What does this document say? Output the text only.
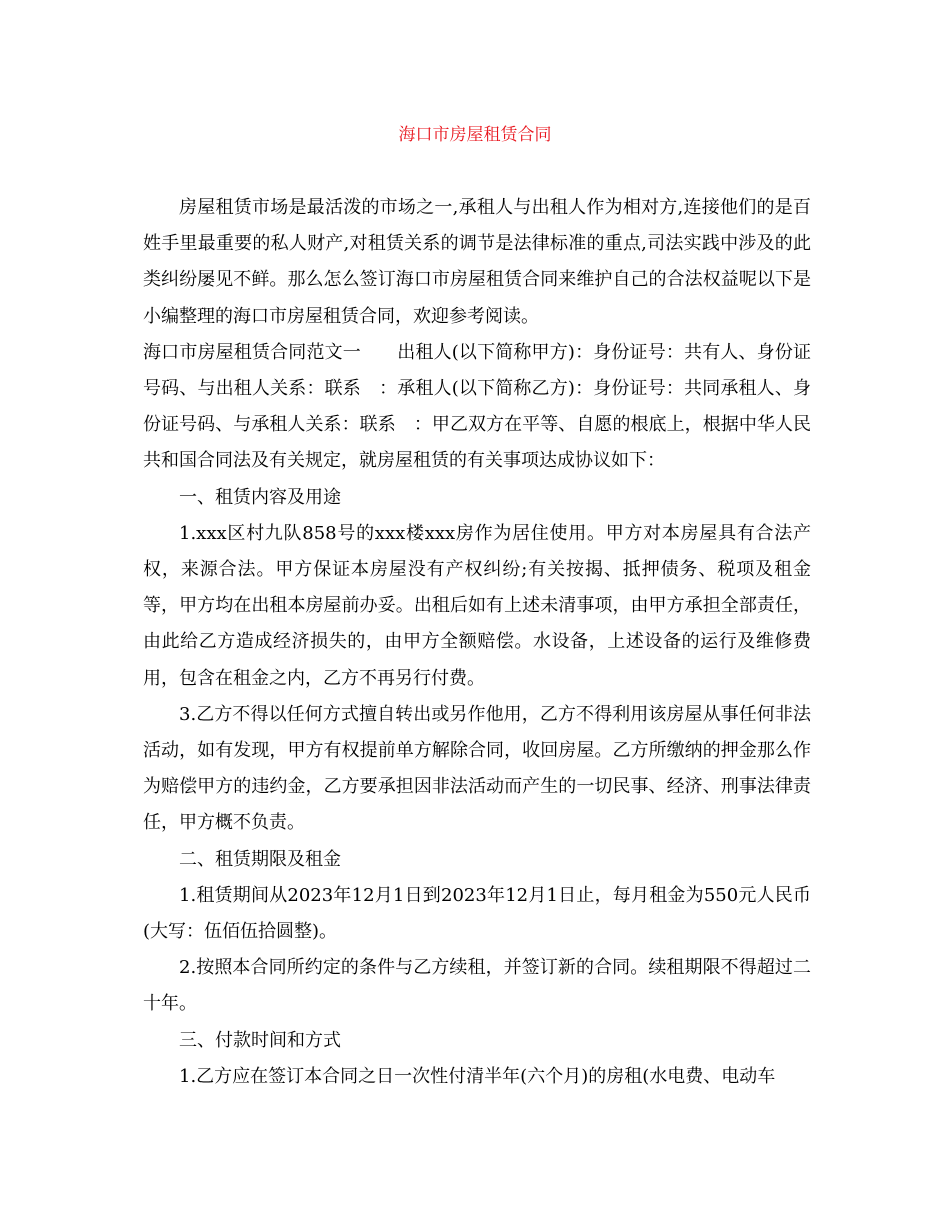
海口市房屋租赁合同

房屋租赁市场是最活泼的市场之一,承租人与出租人作为相对方,连接他们的是百姓手里最重要的私人财产,对租赁关系的调节是法律标准的重点,司法实践中涉及的此类纠纷屡见不鲜。那么怎么签订海口市房屋租赁合同来维护自己的合法权益呢以下是小编整理的海口市房屋租赁合同，欢迎参考阅读。

海口市房屋租赁合同范文一　　出租人(以下简称甲方)：身份证号：共有人、身份证号码、与出租人关系：联系　：承租人(以下简称乙方)：身份证号：共同承租人、身份证号码、与承租人关系：联系　：甲乙双方在平等、自愿的根底上，根据中华人民共和国合同法及有关规定，就房屋租赁的有关事项达成协议如下：

一、租赁内容及用途

1.xxx区村九队858号的xxx楼xxx房作为居住使用。甲方对本房屋具有合法产权，来源合法。甲方保证本房屋没有产权纠纷;有关按揭、抵押债务、税项及租金等，甲方均在出租本房屋前办妥。出租后如有上述未清事项，由甲方承担全部责任，由此给乙方造成经济损失的，由甲方全额赔偿。水设备，上述设备的运行及维修费用，包含在租金之内，乙方不再另行付费。

3.乙方不得以任何方式擅自转出或另作他用，乙方不得利用该房屋从事任何非法活动，如有发现，甲方有权提前单方解除合同，收回房屋。乙方所缴纳的押金那么作为赔偿甲方的违约金，乙方要承担因非法活动而产生的一切民事、经济、刑事法律责任，甲方概不负责。

二、租赁期限及租金

1.租赁期间从2023年12月1日到2023年12月1日止，每月租金为550元人民币(大写：伍佰伍拾圆整)。

2.按照本合同所约定的条件与乙方续租，并签订新的合同。续租期限不得超过二十年。

三、付款时间和方式

1.乙方应在签订本合同之日一次性付清半年(六个月)的房租(水电费、电动车
